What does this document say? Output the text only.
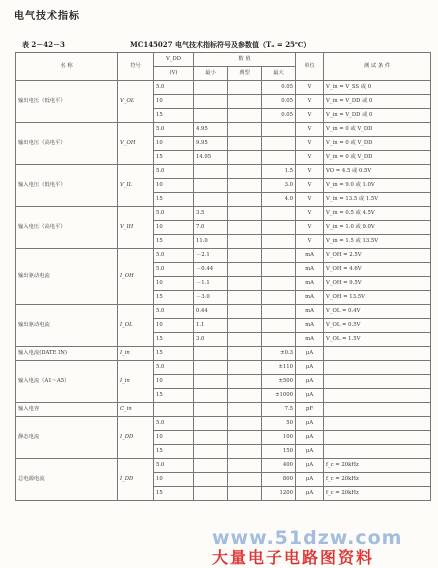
电气技术指标
表 2－42－3	MC145027 电气技术指标符号及参数值（Tₐ = 25℃）
名 称	符号	V_DD	数 值			单位	测 试 条 件
		(V)	最小	典型	最大		
输出电压（低电平）	V_OL	5.0			0.05	V	V_in = V_SS 或 0
		10			0.05	V	V_in = V_DD 或 0
		15			0.05	V	V_in = V_DD 或 0
输出电压（高电平）	V_OH	5.0	4.95			V	V_in = 0 或 V_DD
		10	9.95			V	V_in = 0 或 V_DD
		15	14.95			V	V_in = 0 或 V_DD
输入电压（低电平）	V_IL	5.0			1.5	V	VO = 4.5 或 0.5V
		10			3.0	V	V_in = 9.0 或 1.0V
		15			4.0	V	V_in = 13.5 或 1.5V
输入电压（高电平）	V_IH	5.0	3.5			V	V_in = 0.5 或 4.5V
		10	7.0			V	V_in = 1.0 或 9.0V
		15	11.0			V	V_in = 1.5 或 13.5V
输出驱动电流	I_OH	5.0	－2.1			mA	V_OH = 2.5V
		5.0	－0.44			mA	V_OH = 4.6V
		10	－1.1			mA	V_OH = 9.5V
		15	－3.0			mA	V_OH = 13.5V
输出驱动电流	I_OL	5.0	0.44			mA	V_OL = 0.4V
		10	1.1			mA	V_OL = 0.5V
		15	3.0			mA	V_OL = 1.5V
输入电流(DATE IN)	I_in	15			±0.3	μA	
输入电流（A1～A5）	I_in	5.0			±110	μA	
		10			±500	μA	
		15			±1000	μA	
输入电容	C_in				7.5	pF	
静态电流	I_DD	5.0			50	μA	
		10			100	μA	
		15			150	μA	
总电源电流	I_DD	5.0			400	μA	f_c = 20kHz
		10			800	μA	f_c = 20kHz
		15			1200	μA	f_c = 20kHz
www.51dzw.com
大量电子电路图资料
